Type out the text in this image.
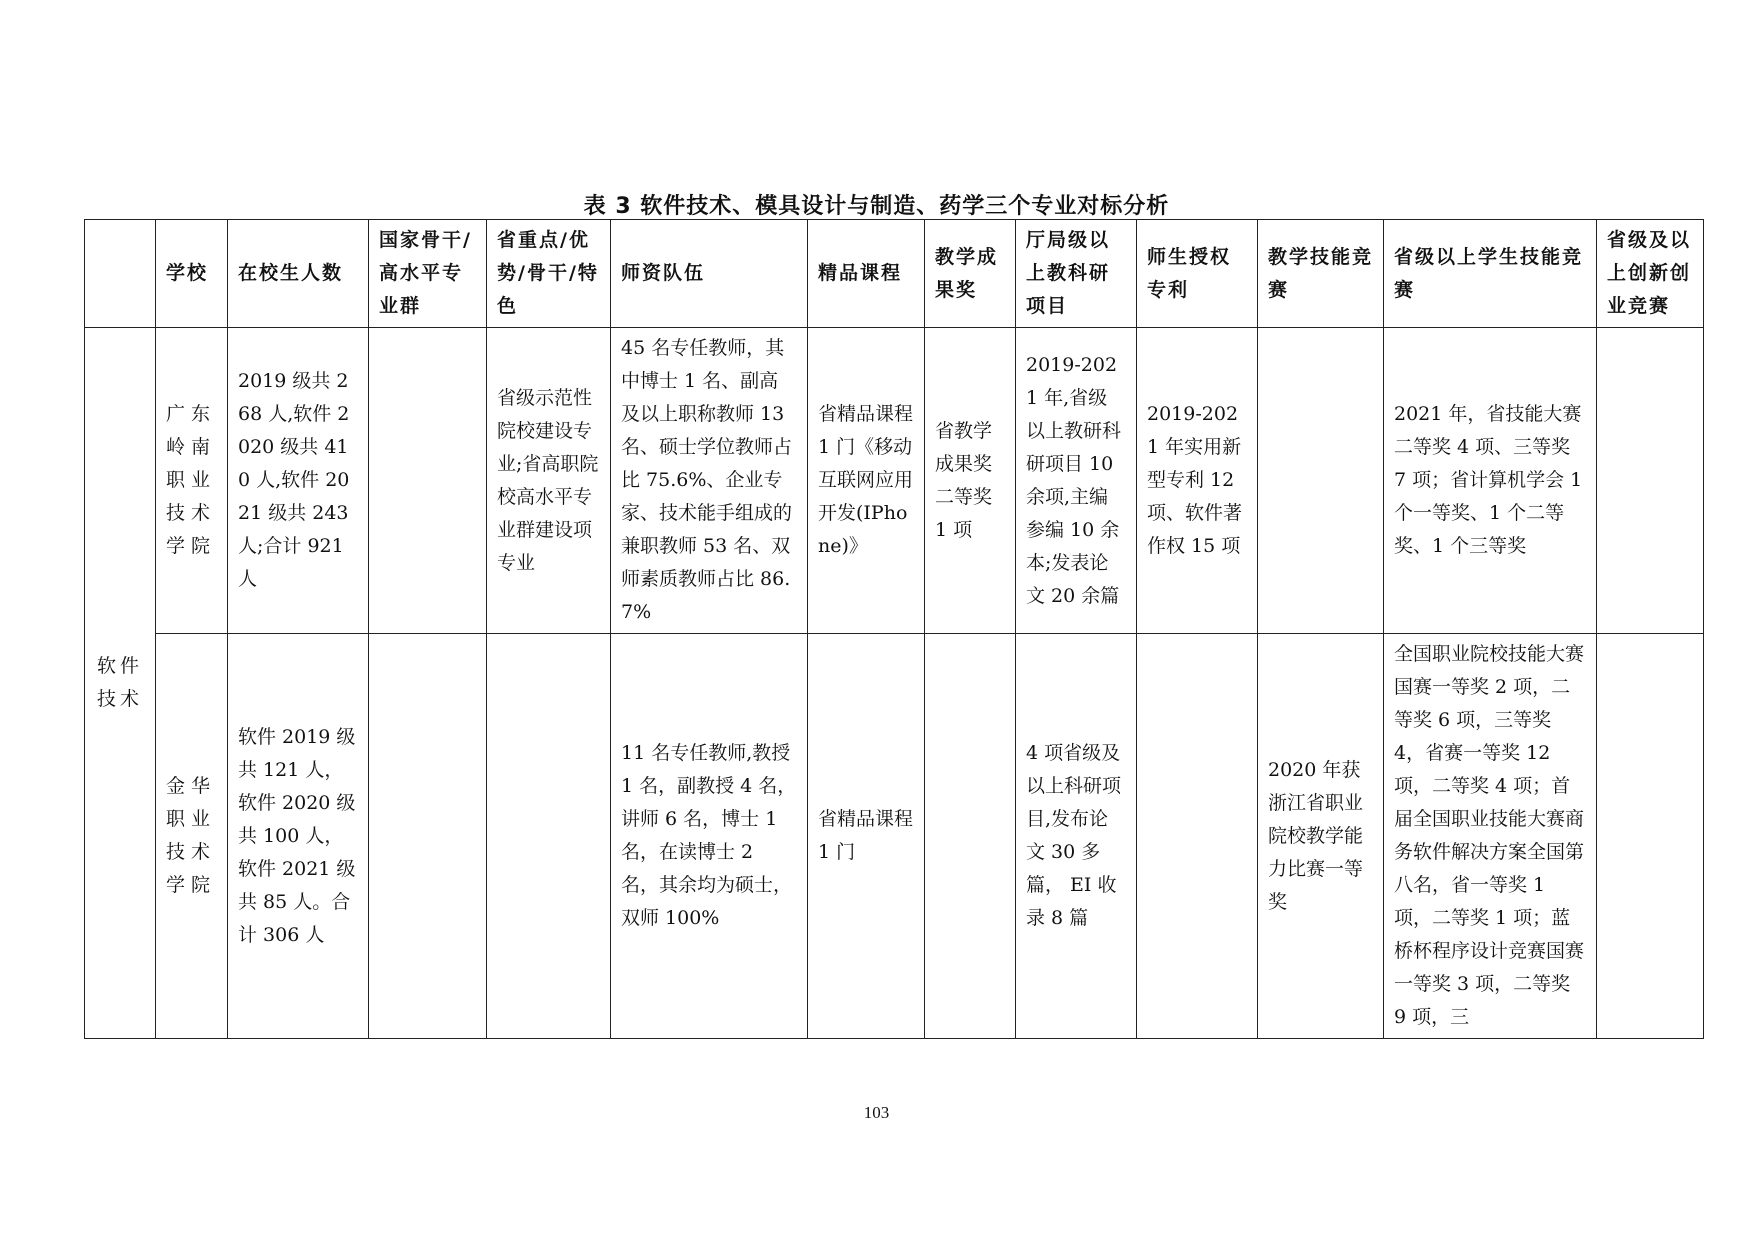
表 3 软件技术、模具设计与制造、药学三个专业对标分析
	学校	在校生人数	国家骨干/高水平专业群	省重点/优势/骨干/特色	师资队伍	精品课程	教学成果奖	厅局级以上教科研项目	师生授权专利	教学技能竞赛	省级以上学生技能竞赛	省级及以上创新创业竞赛
软件技术	广东岭南职业技术学院	2019 级共 268 人,软件 2020 级共 410 人,软件 2021 级共 243 人;合计 921 人		省级示范性院校建设专业;省高职院校高水平专业群建设项专业	45 名专任教师，其中博士 1 名、副高及以上职称教师 13 名、硕士学位教师占比 75.6%、企业专家、技术能手组成的兼职教师 53 名、双师素质教师占比 86.7%	省精品课程 1 门《移动互联网应用开发(IPhone)》	省教学成果奖二等奖 1 项	2019-2021 年,省级以上教研科研项目 10 余项,主编参编 10 余本;发表论文 20 余篇	2019-2021 年实用新型专利 12 项、软件著作权 15 项		2021 年，省技能大赛二等奖 4 项、三等奖 7 项；省计算机学会 1 个一等奖、1 个二等奖、1 个三等奖	
	金华职业技术学院	软件 2019 级共 121 人，软件 2020 级共 100 人，软件 2021 级共 85 人。合计 306 人			11 名专任教师,教授 1 名，副教授 4 名，讲师 6 名，博士 1 名，在读博士 2 名，其余均为硕士，双师 100%	省精品课程 1 门		4 项省级及以上科研项目,发布论文 30 多篇， EI 收录 8 篇		2020 年获浙江省职业院校教学能力比赛一等奖	全国职业院校技能大赛国赛一等奖 2 项，二等奖 6 项，三等奖 4，省赛一等奖 12 项，二等奖 4 项；首届全国职业技能大赛商务软件解决方案全国第八名，省一等奖 1 项，二等奖 1 项；蓝桥杯程序设计竞赛国赛一等奖 3 项，二等奖 9 项，三	
103
